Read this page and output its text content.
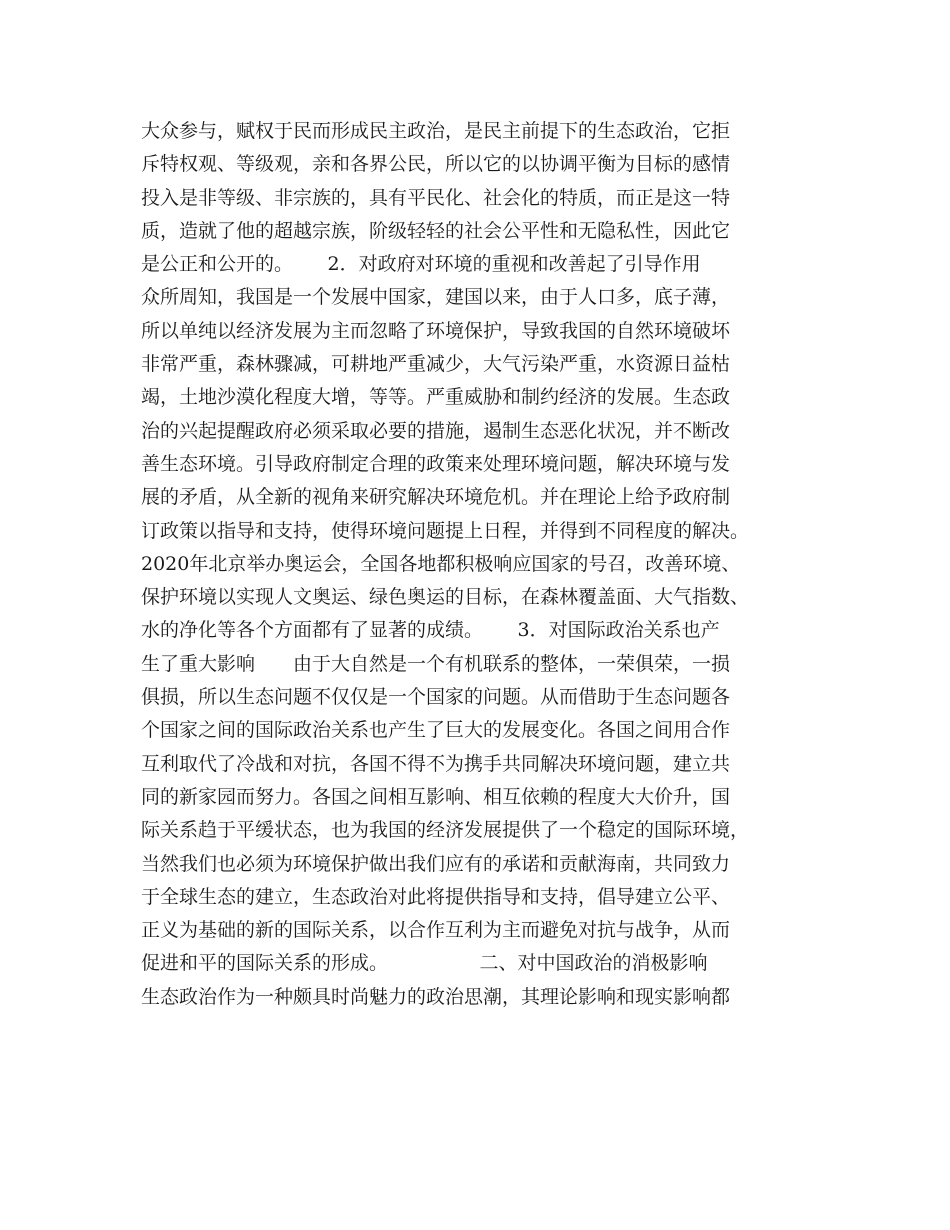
大众参与，赋权于民而形成民主政治，是民主前提下的生态政治，它拒
斥特权观、等级观，亲和各界公民，所以它的以协调平衡为目标的感情
投入是非等级、非宗族的，具有平民化、社会化的特质，而正是这一特
质，造就了他的超越宗族，阶级轻轻的社会公平性和无隐私性，因此它
是公正和公开的。　　 2．对政府对环境的重视和改善起了引导作用
众所周知，我国是一个发展中国家，建国以来，由于人口多，底子薄，
所以单纯以经济发展为主而忽略了环境保护，导致我国的自然环境破坏
非常严重，森林骤减，可耕地严重减少，大气污染严重，水资源日益枯
竭，土地沙漠化程度大增，等等。严重威胁和制约经济的发展。生态政
治的兴起提醒政府必须采取必要的措施，遏制生态恶化状况，并不断改
善生态环境。引导政府制定合理的政策来处理环境问题，解决环境与发
展的矛盾，从全新的视角来研究解决环境危机。并在理论上给予政府制
订政策以指导和支持，使得环境问题提上日程，并得到不同程度的解决。
2020年北京举办奥运会，全国各地都积极响应国家的号召，改善环境、
保护环境以实现人文奥运、绿色奥运的目标，在森林覆盖面、大气指数、
水的净化等各个方面都有了显著的成绩。　　 3．对国际政治关系也产
生了重大影响　　由于大自然是一个有机联系的整体，一荣俱荣，一损
俱损，所以生态问题不仅仅是一个国家的问题。从而借助于生态问题各
个国家之间的国际政治关系也产生了巨大的发展变化。各国之间用合作
互利取代了冷战和对抗，各国不得不为携手共同解决环境问题，建立共
同的新家园而努力。各国之间相互影响、相互依赖的程度大大价升，国
际关系趋于平缓状态，也为我国的经济发展提供了一个稳定的国际环境，
当然我们也必须为环境保护做出我们应有的承诺和贡献海南，共同致力
于全球生态的建立，生态政治对此将提供指导和支持，倡导建立公平、
正义为基础的新的国际关系，以合作互利为主而避免对抗与战争，从而
促进和平的国际关系的形成。　　　　　 二、对中国政治的消极影响
生态政治作为一种颇具时尚魅力的政治思潮，其理论影响和现实影响都
